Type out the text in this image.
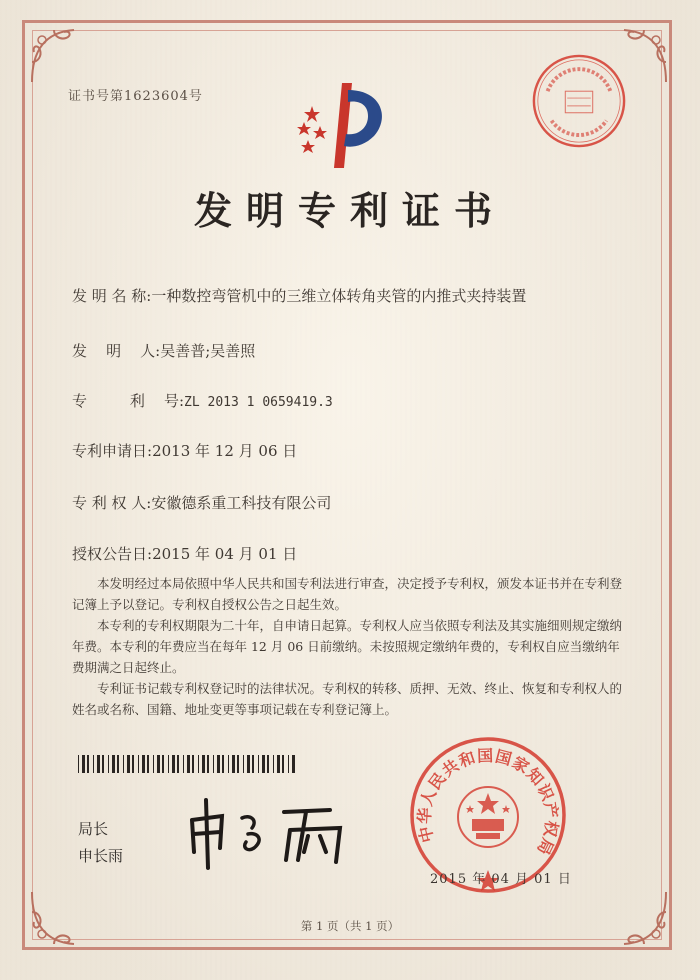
证书号第1623604号
发明专利证书
发 明 名 称:一种数控弯管机中的三维立体转角夹管的内推式夹持装置
发    明    人:吴善普;吴善照
专         利    号:ZL 2013 1 0659419.3
专利申请日:2013 年 12 月 06 日
专 利 权 人:安徽德系重工科技有限公司
授权公告日:2015 年 04 月 01 日

本发明经过本局依照中华人民共和国专利法进行审查，决定授予专利权，颁发本证书并在专利登记簿上予以登记。专利权自授权公告之日起生效。

本专利的专利权期限为二十年，自申请日起算。专利权人应当依照专利法及其实施细则规定缴纳年费。本专利的年费应当在每年 12 月 06 日前缴纳。未按照规定缴纳年费的，专利权自应当缴纳年费期满之日起终止。

专利证书记载专利权登记时的法律状况。专利权的转移、质押、无效、终止、恢复和专利权人的姓名或名称、国籍、地址变更等事项记载在专利登记簿上。

局长
申长雨
中华人民共和国国家知识产权局
2015 年 04 月 01 日
第 1 页（共 1 页）
